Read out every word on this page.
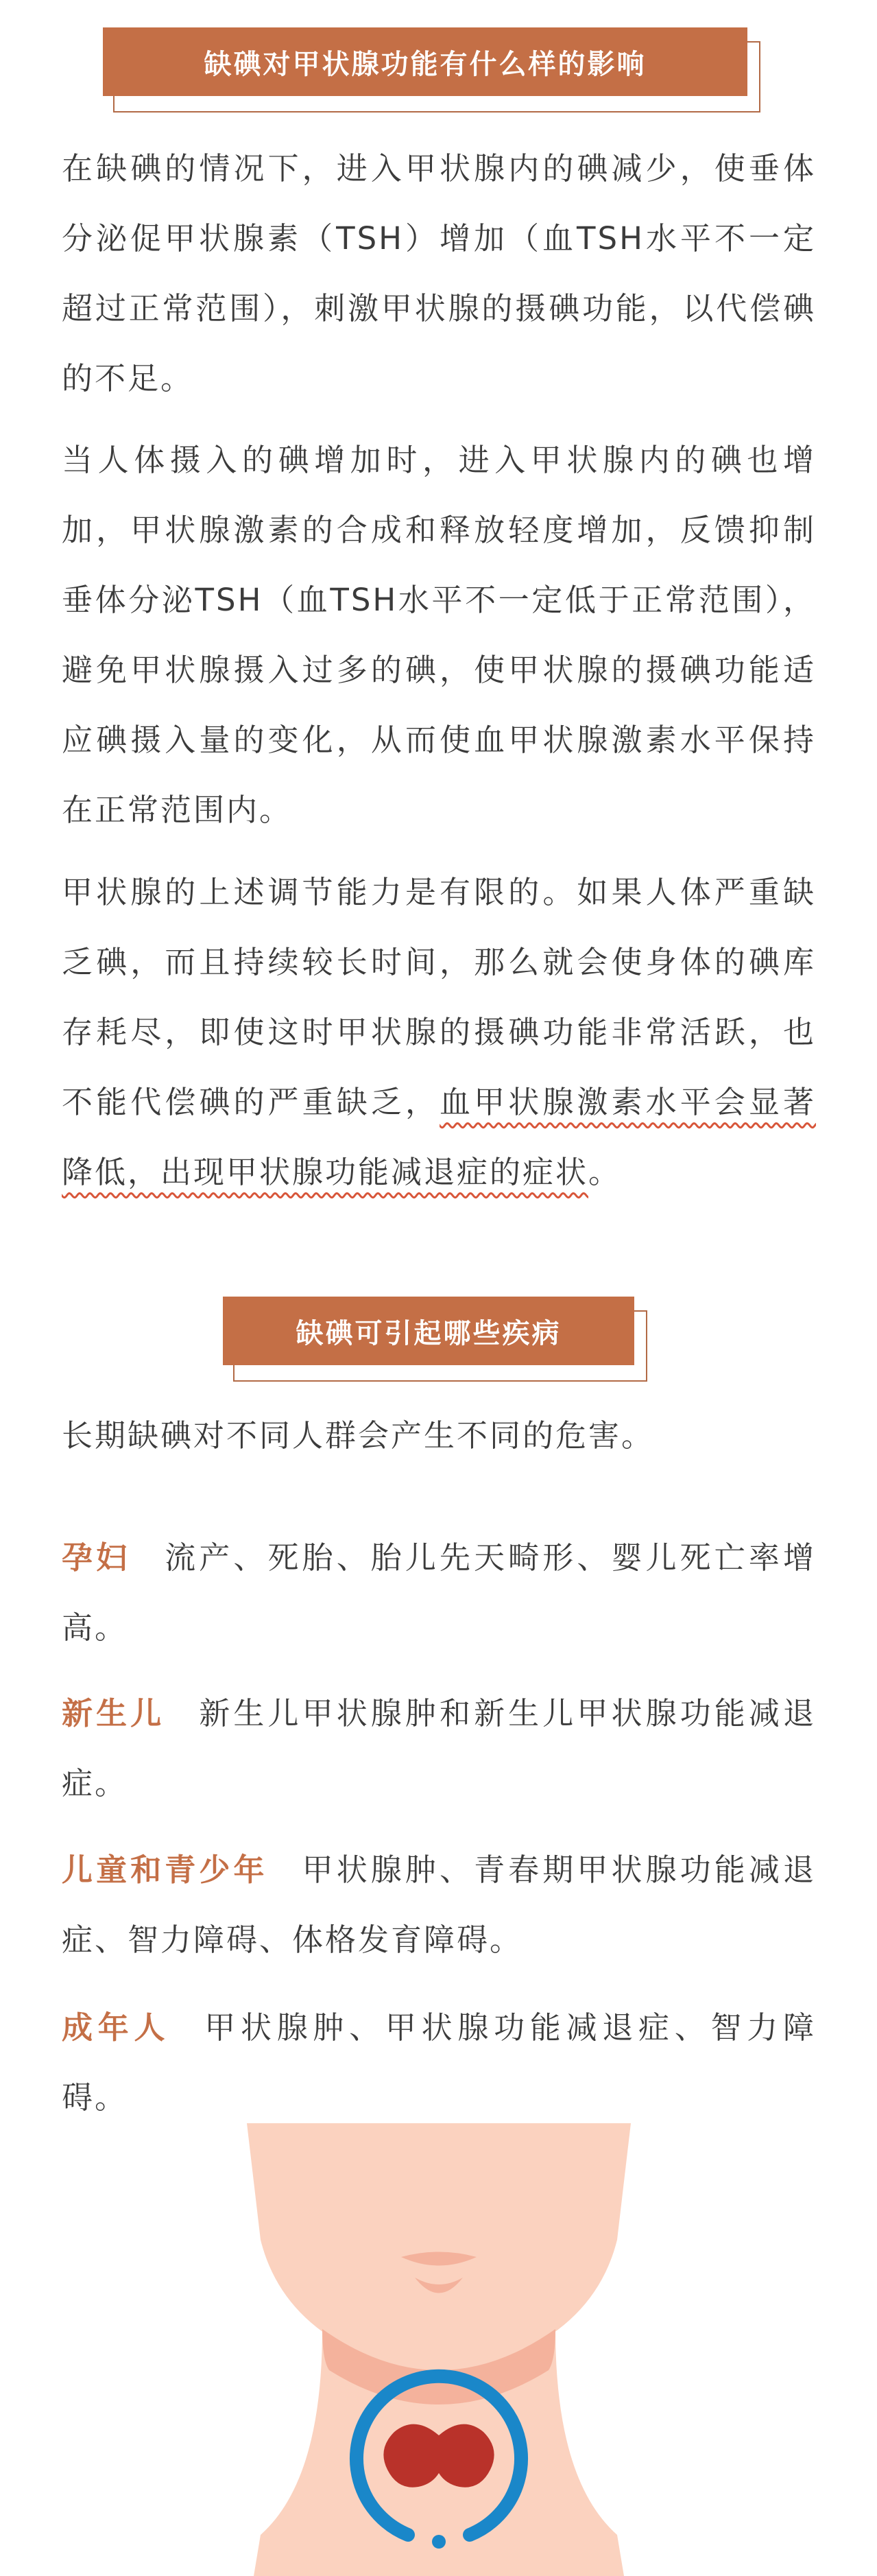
缺碘对甲状腺功能有什么样的影响
在缺碘的情况下，进入甲状腺内的碘减少，使垂体分泌促甲状腺素（TSH）增加（血TSH水平不一定超过正常范围），刺激甲状腺的摄碘功能，以代偿碘的不足。
当人体摄入的碘增加时，进入甲状腺内的碘也增加，甲状腺激素的合成和释放轻度增加，反馈抑制垂体分泌TSH（血TSH水平不一定低于正常范围），避免甲状腺摄入过多的碘，使甲状腺的摄碘功能适应碘摄入量的变化，从而使血甲状腺激素水平保持在正常范围内。
甲状腺的上述调节能力是有限的。如果人体严重缺乏碘，而且持续较长时间，那么就会使身体的碘库存耗尽，即使这时甲状腺的摄碘功能非常活跃，也不能代偿碘的严重缺乏，血甲状腺激素水平会显著降低，出现甲状腺功能减退症的症状。
缺碘可引起哪些疾病
长期缺碘对不同人群会产生不同的危害。
孕妇 流产、死胎、胎儿先天畸形、婴儿死亡率增高。
新生儿 新生儿甲状腺肿和新生儿甲状腺功能减退症。
儿童和青少年 甲状腺肿、青春期甲状腺功能减退症、智力障碍、体格发育障碍。
成年人 甲状腺肿、甲状腺功能减退症、智力障碍。
